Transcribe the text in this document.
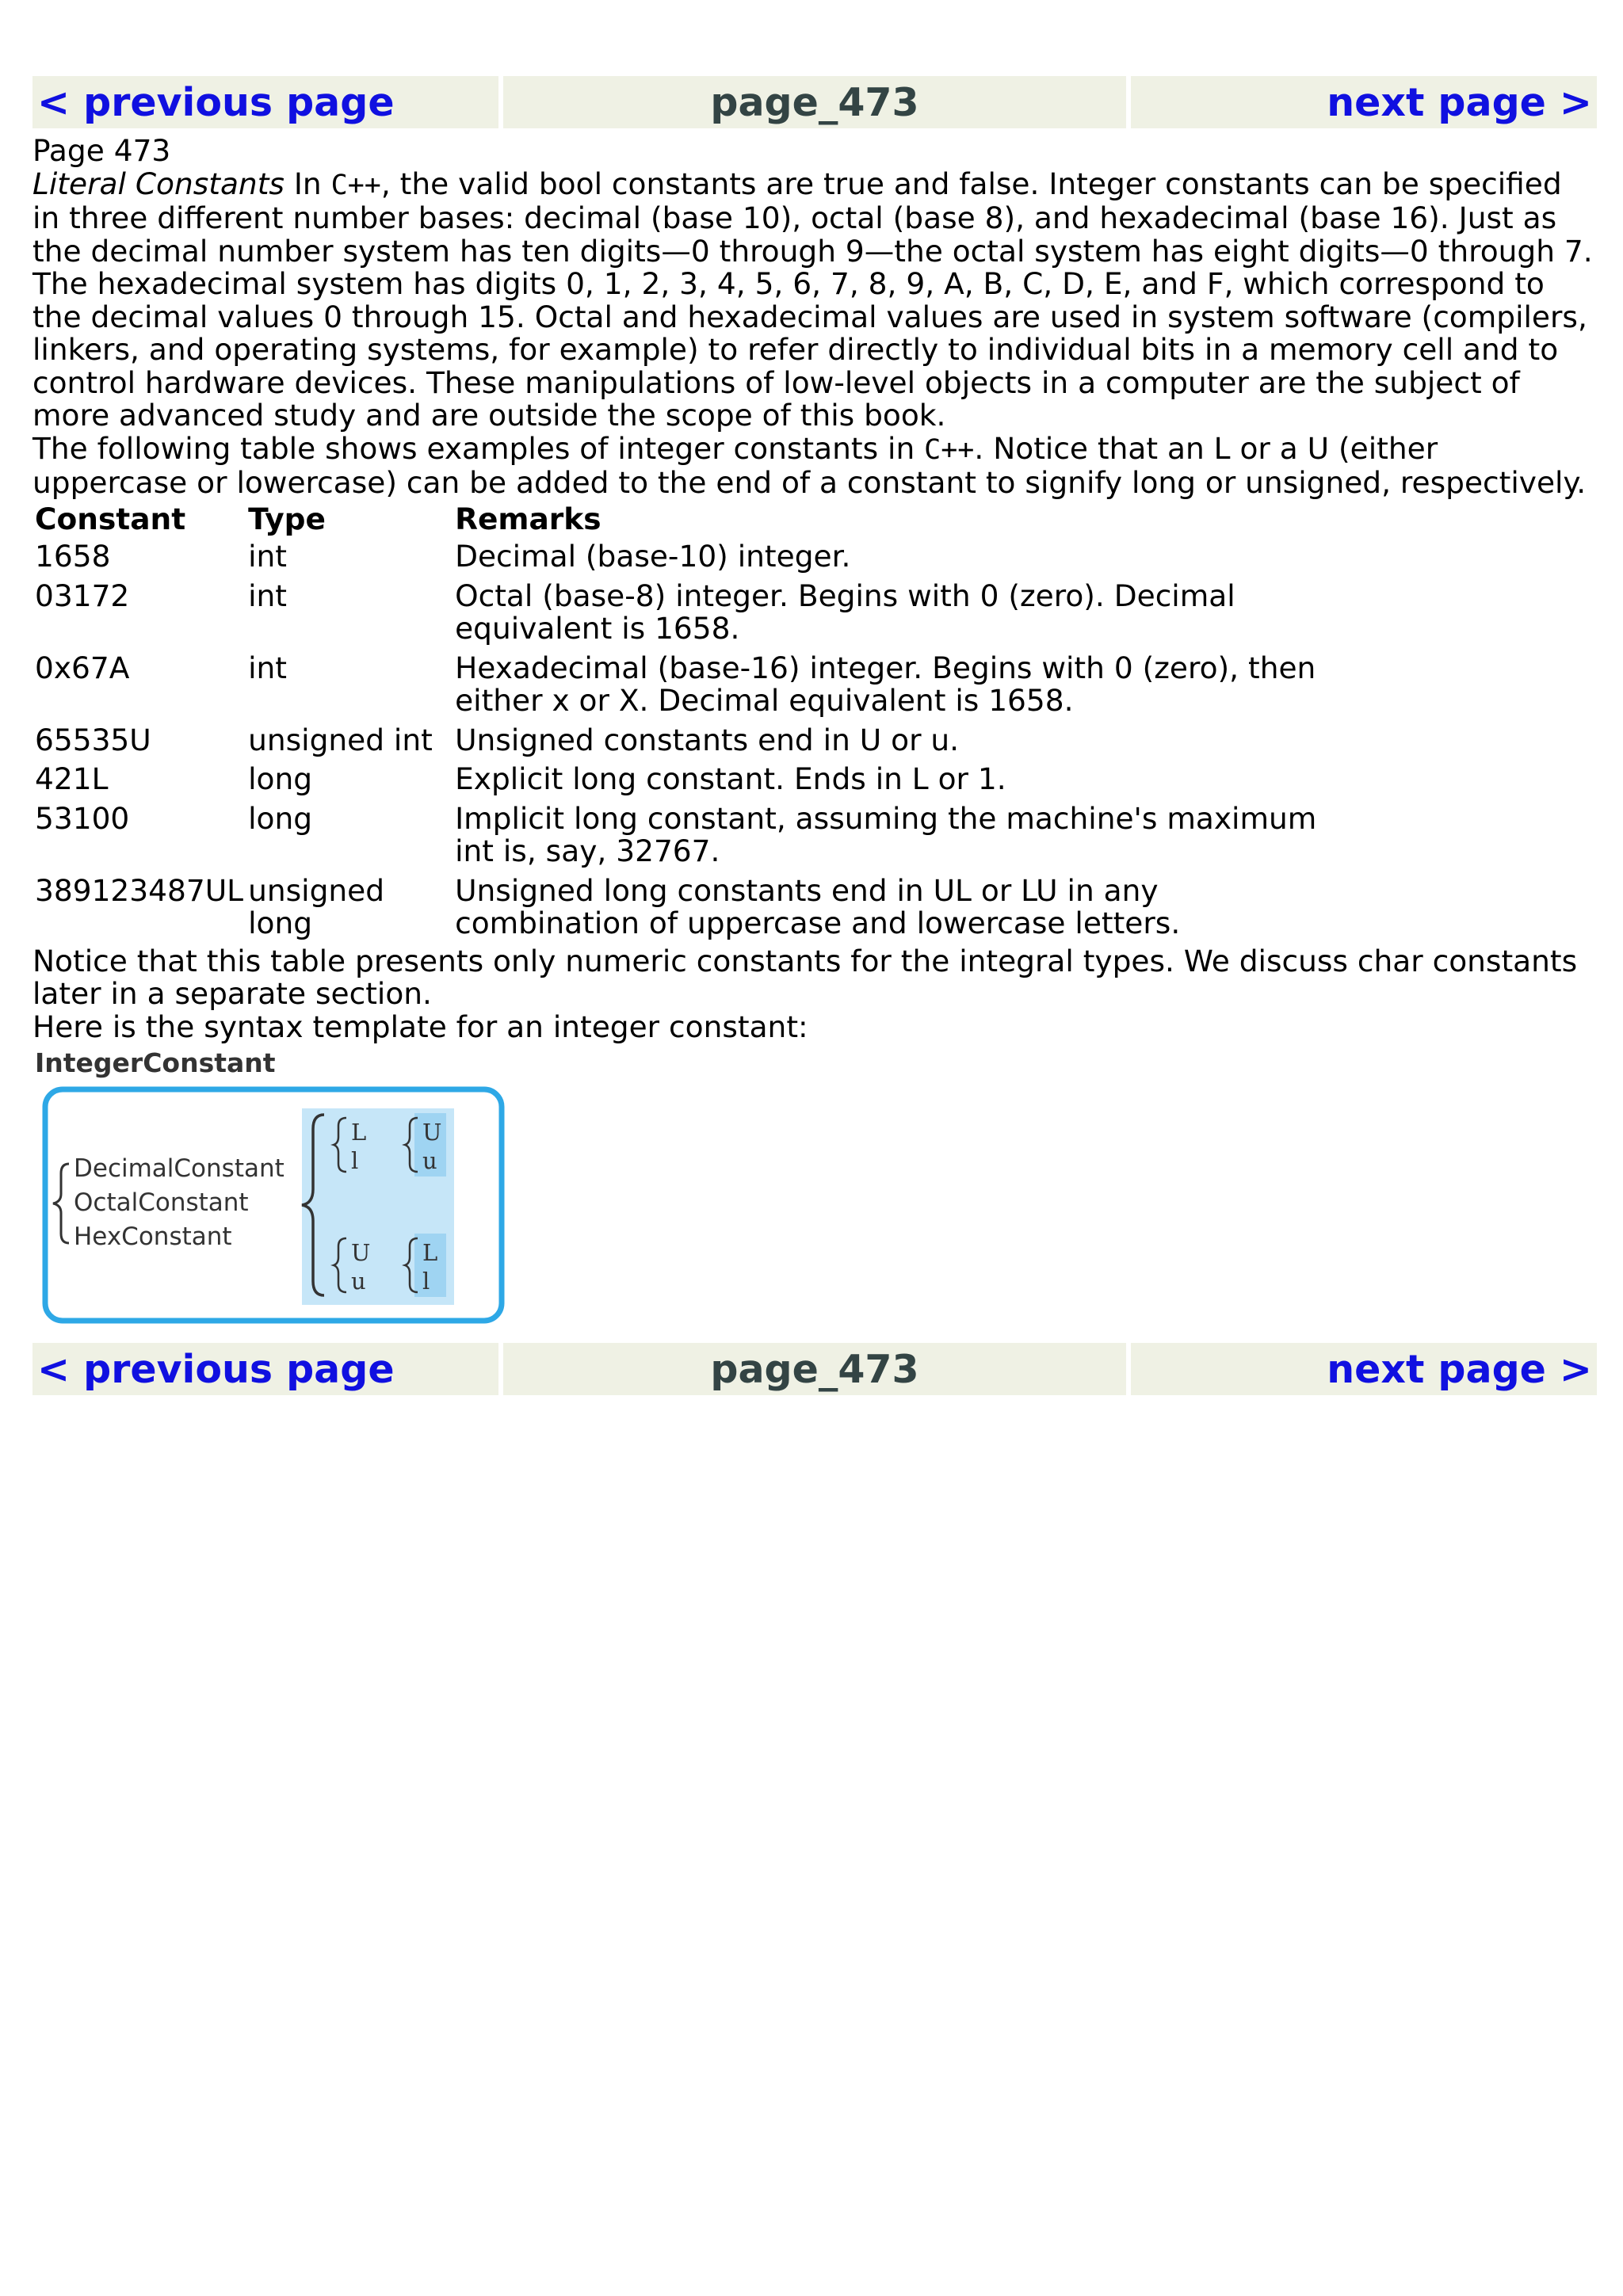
< previous page	page_473	next page >
Page 473

Literal Constants In C++, the valid bool constants are true and false. Integer constants can be specified in three different number bases: decimal (base 10), octal (base 8), and hexadecimal (base 16). Just as the decimal number system has ten digits—0 through 9—the octal system has eight digits—0 through 7. The hexadecimal system has digits 0, 1, 2, 3, 4, 5, 6, 7, 8, 9, A, B, C, D, E, and F, which correspond to the decimal values 0 through 15. Octal and hexadecimal values are used in system software (compilers, linkers, and operating systems, for example) to refer directly to individual bits in a memory cell and to control hardware devices. These manipulations of low-level objects in a computer are the subject of more advanced study and are outside the scope of this book.

The following table shows examples of integer constants in C++. Notice that an L or a U (either uppercase or lowercase) can be added to the end of a constant to signify long or unsigned, respectively.

Constant	Type	Remarks
1658	int	Decimal (base-10) integer.
03172	int	Octal (base-8) integer. Begins with 0 (zero). Decimal equivalent is 1658.
0x67A	int	Hexadecimal (base-16) integer. Begins with 0 (zero), then either x or X. Decimal equivalent is 1658.
65535U	unsigned int	Unsigned constants end in U or u.
421L	long	Explicit long constant. Ends in L or 1.
53100	long	Implicit long constant, assuming the machine's maximum int is, say, 32767.
389123487UL	unsigned long	Unsigned long constants end in UL or LU in any combination of uppercase and lowercase letters.

Notice that this table presents only numeric constants for the integral types. We discuss char constants later in a separate section.

Here is the syntax template for an integer constant:

IntegerConstant
DecimalConstant
OctalConstant
HexConstant
L
l
U
u
U
u
L
l
< previous page	page_473	next page >
